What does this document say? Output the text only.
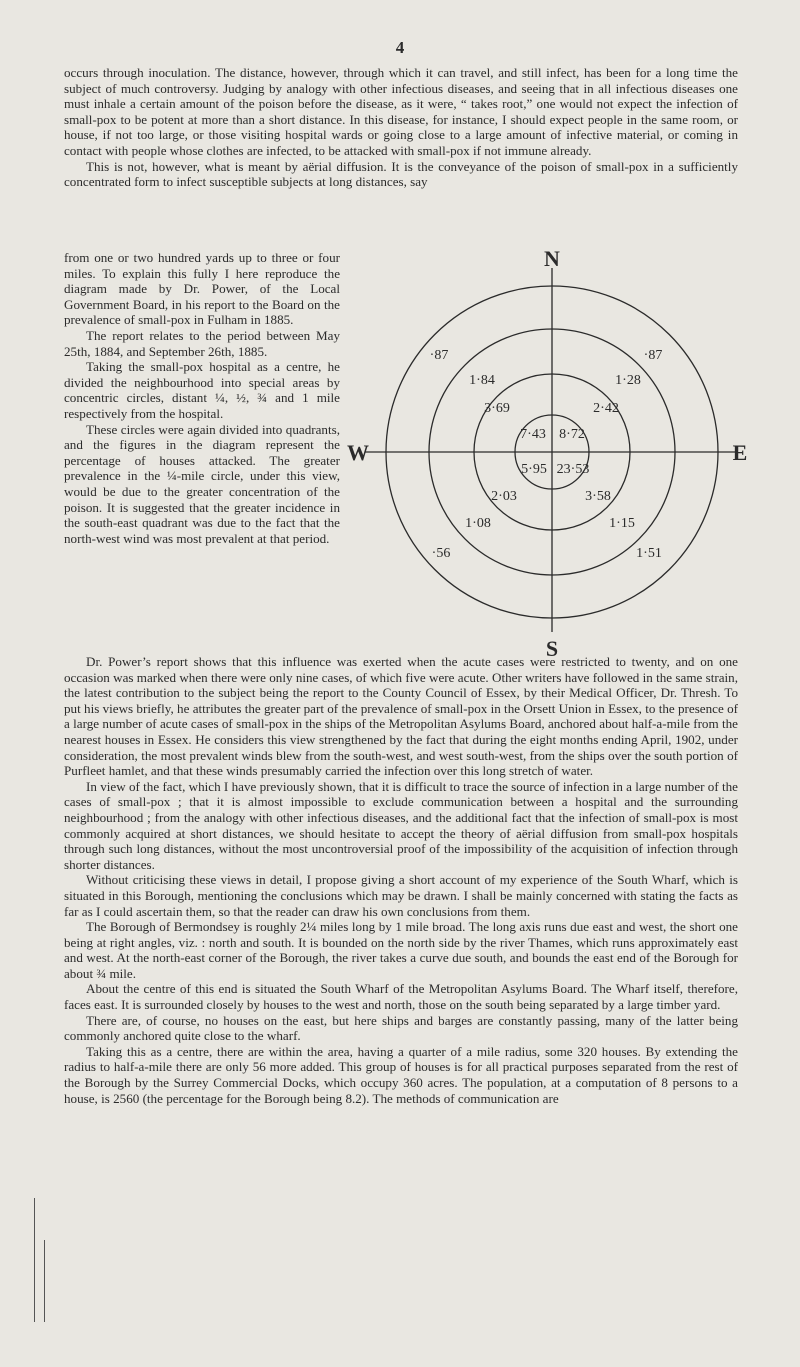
4

occurs through inoculation. The distance, however, through which it can travel, and still infect, has been for a long time the subject of much controversy. Judging by analogy with other infectious diseases, and seeing that in all infectious diseases one must inhale a certain amount of the poison before the disease, as it were, “ takes root,” one would not expect the infection of small-pox to be potent at more than a short distance. In this disease, for instance, I should expect people in the same room, or house, if not too large, or those visiting hospital wards or going close to a large amount of infective material, or coming in contact with people whose clothes are infected, to be attacked with small-pox if not immune already.

This is not, however, what is meant by aërial diffusion. It is the conveyance of the poison of small-pox in a sufficiently concentrated form to infect susceptible subjects at long distances, say

from one or two hundred yards up to three or four miles. To explain this fully I here reproduce the diagram made by Dr. Power, of the Local Government Board, in his report to the Board on the prevalence of small-pox in Fulham in 1885.

The report relates to the period between May 25th, 1884, and September 26th, 1885.

Taking the small-pox hospital as a centre, he divided the neighbourhood into special areas by concentric circles, distant ¼, ½, ¾ and 1 mile respectively from the hospital.

These circles were again divided into quadrants, and the figures in the diagram represent the percentage of houses attacked. The greater prevalence in the ¼-mile circle, under this view, would be due to the greater concentration of the poison. It is suggested that the greater incidence in the south-east quadrant was due to the fact that the north-west wind was most prevalent at that period.

N
S
E
W
7·43
3·69
1·84
·87
8·72
2·42
1·28
·87
5·95
2·03
1·08
·56
23·53
3·58
1·15
1·51

Dr. Power’s report shows that this influence was exerted when the acute cases were restricted to twenty, and on one occasion was marked when there were only nine cases, of which five were acute. Other writers have followed in the same strain, the latest contribution to the subject being the report to the County Council of Essex, by their Medical Officer, Dr. Thresh. To put his views briefly, he attributes the greater part of the prevalence of small-pox in the Orsett Union in Essex, to the presence of a large number of acute cases of small-pox in the ships of the Metropolitan Asylums Board, anchored about half-a-mile from the nearest houses in Essex. He considers this view strengthened by the fact that during the eight months ending April, 1902, under consideration, the most prevalent winds blew from the south-west, and west south-west, from the ships over the south portion of Purfleet hamlet, and that these winds presumably carried the infection over this long stretch of water.

In view of the fact, which I have previously shown, that it is difficult to trace the source of infection in a large number of the cases of small-pox ; that it is almost impossible to exclude communication between a hospital and the surrounding neighbourhood ; from the analogy with other infectious diseases, and the additional fact that the infection of small-pox is most commonly acquired at short distances, we should hesitate to accept the theory of aërial diffusion from small-pox hospitals through such long distances, without the most uncontroversial proof of the impossibility of the acquisition of infection through shorter distances.

Without criticising these views in detail, I propose giving a short account of my experience of the South Wharf, which is situated in this Borough, mentioning the conclusions which may be drawn. I shall be mainly concerned with stating the facts as far as I could ascertain them, so that the reader can draw his own conclusions from them.

The Borough of Bermondsey is roughly 2¼ miles long by 1 mile broad. The long axis runs due east and west, the short one being at right angles, viz. : north and south. It is bounded on the north side by the river Thames, which runs approximately east and west. At the north-east corner of the Borough, the river takes a curve due south, and bounds the east end of the Borough for about ¾ mile.

About the centre of this end is situated the South Wharf of the Metropolitan Asylums Board. The Wharf itself, therefore, faces east. It is surrounded closely by houses to the west and north, those on the south being separated by a large timber yard.

There are, of course, no houses on the east, but here ships and barges are constantly passing, many of the latter being commonly anchored quite close to the wharf.

Taking this as a centre, there are within the area, having a quarter of a mile radius, some 320 houses. By extending the radius to half-a-mile there are only 56 more added. This group of houses is for all practical purposes separated from the rest of the Borough by the Surrey Commercial Docks, which occupy 360 acres. The population, at a computation of 8 persons to a house, is 2560 (the percentage for the Borough being 8.2). The methods of communication are
